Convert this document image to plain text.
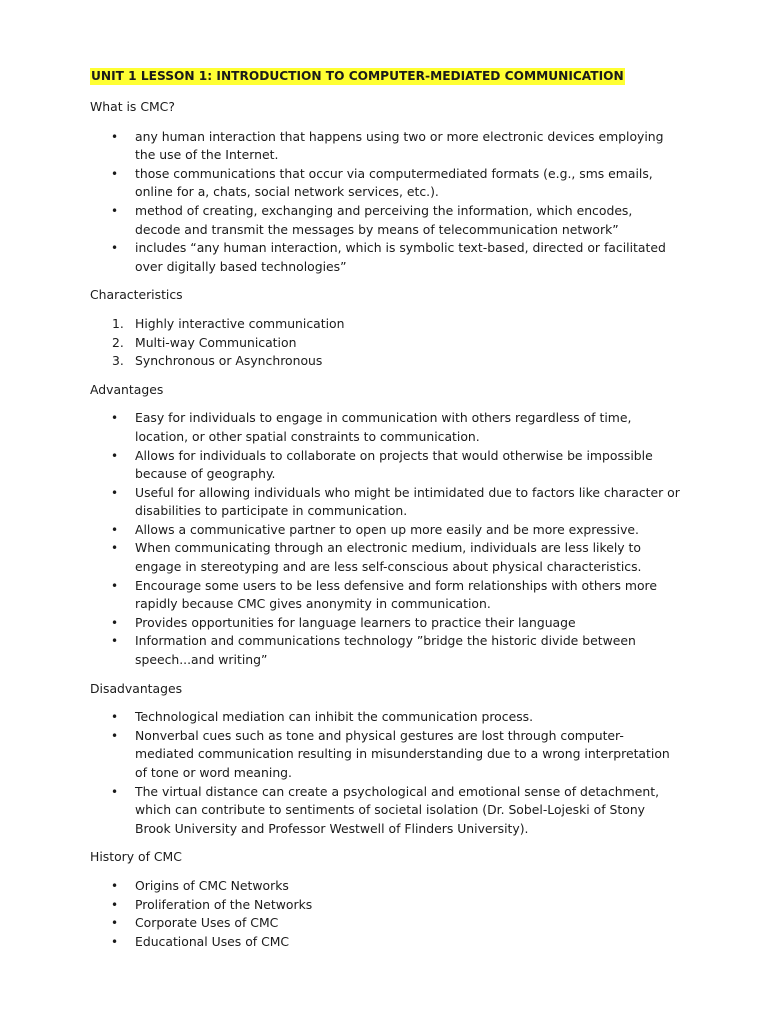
UNIT 1 LESSON 1: INTRODUCTION TO COMPUTER-MEDIATED COMMUNICATION

What is CMC?

• any human interaction that happens using two or more electronic devices employing the use of the Internet.
• those communications that occur via computermediated formats (e.g., sms emails, online for a, chats, social network services, etc.).
• method of creating, exchanging and perceiving the information, which encodes, decode and transmit the messages by means of telecommunication network”
• includes “any human interaction, which is symbolic text-based, directed or facilitated over digitally based technologies”

Characteristics

1. Highly interactive communication
2. Multi-way Communication
3. Synchronous or Asynchronous

Advantages

• Easy for individuals to engage in communication with others regardless of time, location, or other spatial constraints to communication.
• Allows for individuals to collaborate on projects that would otherwise be impossible because of geography.
• Useful for allowing individuals who might be intimidated due to factors like character or disabilities to participate in communication.
• Allows a communicative partner to open up more easily and be more expressive.
• When communicating through an electronic medium, individuals are less likely to engage in stereotyping and are less self-conscious about physical characteristics.
• Encourage some users to be less defensive and form relationships with others more rapidly because CMC gives anonymity in communication.
• Provides opportunities for language learners to practice their language
• Information and communications technology ”bridge the historic divide between speech...and writing”

Disadvantages

• Technological mediation can inhibit the communication process.
• Nonverbal cues such as tone and physical gestures are lost through computer-mediated communication resulting in misunderstanding due to a wrong interpretation of tone or word meaning.
• The virtual distance can create a psychological and emotional sense of detachment, which can contribute to sentiments of societal isolation (Dr. Sobel-Lojeski of Stony Brook University and Professor Westwell of Flinders University).

History of CMC

• Origins of CMC Networks
• Proliferation of the Networks
• Corporate Uses of CMC
• Educational Uses of CMC
